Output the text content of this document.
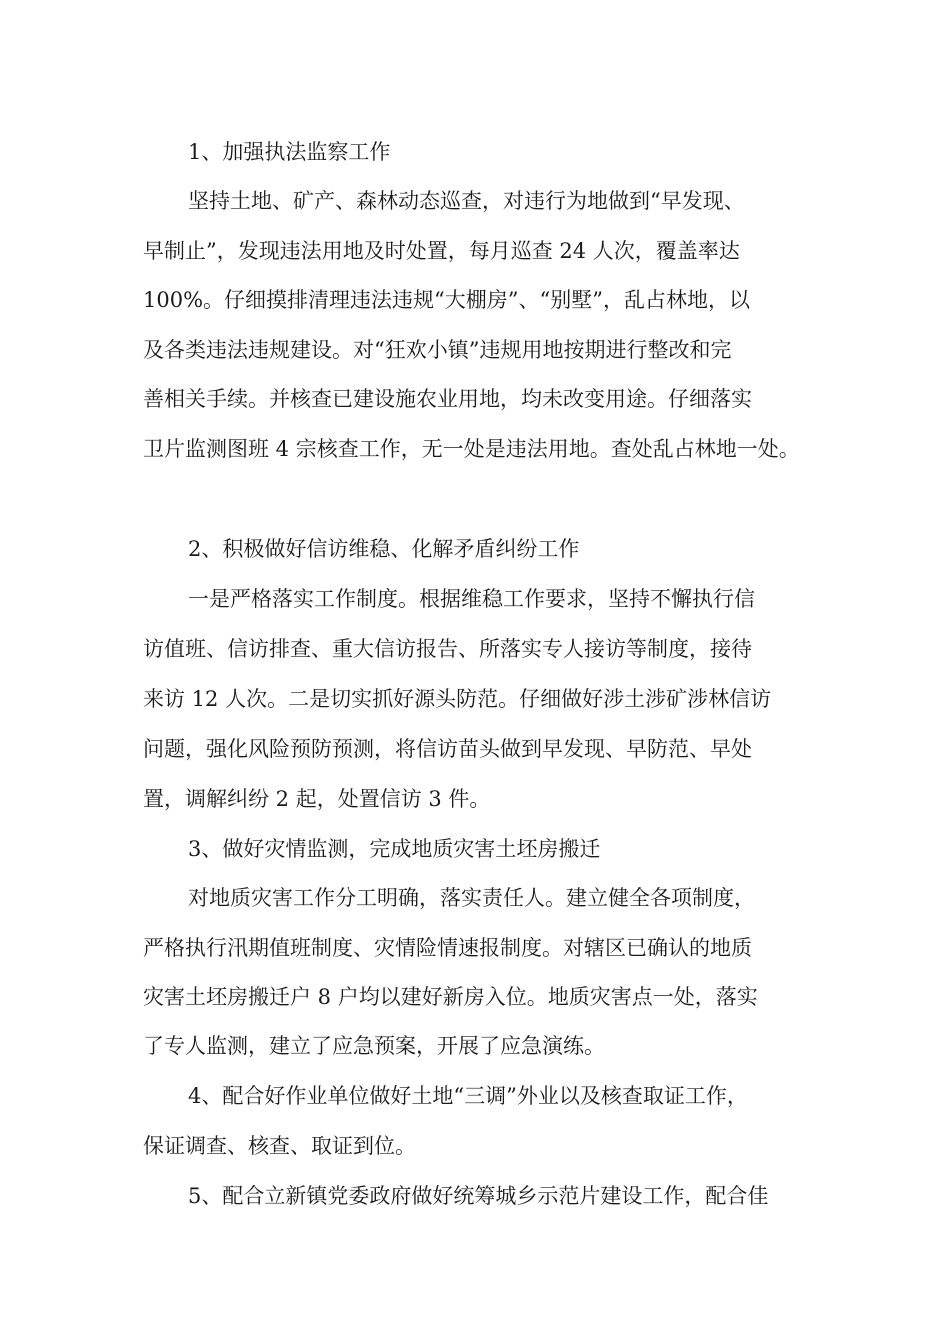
1、加强执法监察工作
坚持土地、矿产、森林动态巡查，对违行为地做到“早发现、
早制止”，发现违法用地及时处置，每月巡查 24 人次，覆盖率达
100%。仔细摸排清理违法违规“大棚房”、“别墅”，乱占林地，以
及各类违法违规建设。对“狂欢小镇”违规用地按期进行整改和完
善相关手续。并核查已建设施农业用地，均未改变用途。仔细落实
卫片监测图班 4 宗核查工作，无一处是违法用地。查处乱占林地一处。
2、积极做好信访维稳、化解矛盾纠纷工作
一是严格落实工作制度。根据维稳工作要求，坚持不懈执行信
访值班、信访排查、重大信访报告、所落实专人接访等制度，接待
来访 12 人次。二是切实抓好源头防范。仔细做好涉土涉矿涉林信访
问题，强化风险预防预测，将信访苗头做到早发现、早防范、早处
置，调解纠纷 2 起，处置信访 3 件。
3、做好灾情监测，完成地质灾害土坯房搬迁
对地质灾害工作分工明确，落实责任人。建立健全各项制度，
严格执行汛期值班制度、灾情险情速报制度。对辖区已确认的地质
灾害土坯房搬迁户 8 户均以建好新房入位。地质灾害点一处，落实
了专人监测，建立了应急预案，开展了应急演练。
4、配合好作业单位做好土地“三调”外业以及核查取证工作，
保证调查、核查、取证到位。
5、配合立新镇党委政府做好统筹城乡示范片建设工作，配合佳
